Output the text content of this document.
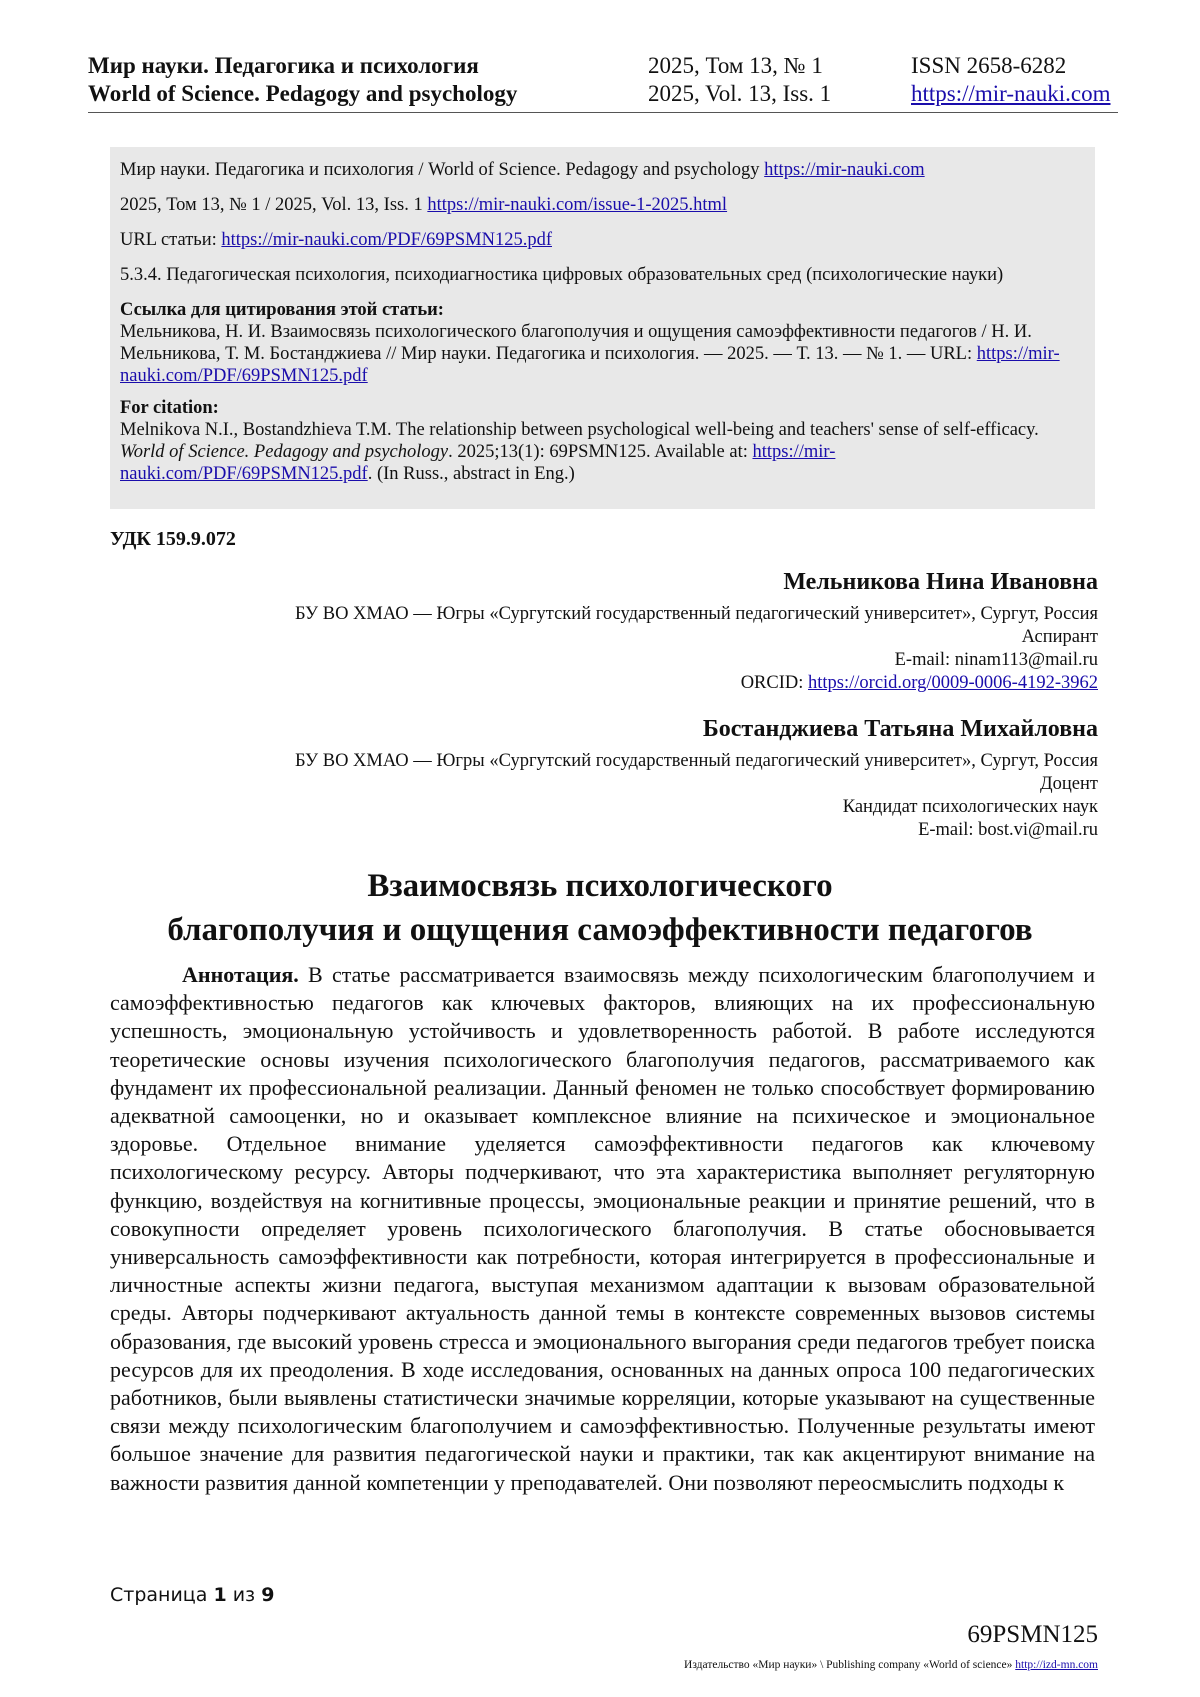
Мир науки. Педагогика и психология
World of Science. Pedagogy and psychology
2025, Том 13, № 1
2025, Vol. 13, Iss. 1
ISSN 2658-6282
https://mir-nauki.com

Мир науки. Педагогика и психология / World of Science. Pedagogy and psychology https://mir-nauki.com

2025, Том 13, № 1 / 2025, Vol. 13, Iss. 1 https://mir-nauki.com/issue-1-2025.html

URL статьи: https://mir-nauki.com/PDF/69PSMN125.pdf

5.3.4. Педагогическая психология, психодиагностика цифровых образовательных сред (психологические науки)

Ссылка для цитирования этой статьи:
Мельникова, Н. И. Взаимосвязь психологического благополучия и ощущения самоэффективности педагогов / Н. И. Мельникова, Т. М. Бостанджиева // Мир науки. Педагогика и психология. — 2025. — Т. 13. — № 1. — URL: https://mir-nauki.com/PDF/69PSMN125.pdf
For citation:
Melnikova N.I., Bostandzhieva T.M. The relationship between psychological well-being and teachers' sense of self-efficacy. World of Science. Pedagogy and psychology. 2025;13(1): 69PSMN125. Available at: https://mir-nauki.com/PDF/69PSMN125.pdf. (In Russ., abstract in Eng.)
УДК 159.9.072
Мельникова Нина Ивановна
БУ ВО ХМАО — Югры «Сургутский государственный педагогический университет», Сургут, Россия
Аспирант
E-mail: ninam113@mail.ru
ORCID: https://orcid.org/0009-0006-4192-3962
Бостанджиева Татьяна Михайловна
БУ ВО ХМАО — Югры «Сургутский государственный педагогический университет», Сургут, Россия
Доцент
Кандидат психологических наук
E-mail: bost.vi@mail.ru
Взаимосвязь психологического
благополучия и ощущения самоэффективности педагогов

Аннотация. В статье рассматривается взаимосвязь между психологическим благополучием и самоэффективностью педагогов как ключевых факторов, влияющих на их профессиональную успешность, эмоциональную устойчивость и удовлетворенность работой. В работе исследуются теоретические основы изучения психологического благополучия педагогов, рассматриваемого как фундамент их профессиональной реализации. Данный феномен не только способствует формированию адекватной самооценки, но и оказывает комплексное влияние на психическое и эмоциональное здоровье. Отдельное внимание уделяется самоэффективности педагогов как ключевому психологическому ресурсу. Авторы подчеркивают, что эта характеристика выполняет регуляторную функцию, воздействуя на когнитивные процессы, эмоциональные реакции и принятие решений, что в совокупности определяет уровень психологического благополучия. В статье обосновывается универсальность самоэффективности как потребности, которая интегрируется в профессиональные и личностные аспекты жизни педагога, выступая механизмом адаптации к вызовам образовательной среды. Авторы подчеркивают актуальность данной темы в контексте современных вызовов системы образования, где высокий уровень стресса и эмоционального выгорания среди педагогов требует поиска ресурсов для их преодоления. В ходе исследования, основанных на данных опроса 100 педагогических работников, были выявлены статистически значимые корреляции, которые указывают на существенные связи между психологическим благополучием и самоэффективностью. Полученные результаты имеют большое значение для развития педагогической науки и практики, так как акцентируют внимание на важности развития данной компетенции у преподавателей. Они позволяют переосмыслить подходы к

Страница 1 из 9
69PSMN125
Издательство «Мир науки» \ Publishing company «World of science» http://izd-mn.com
